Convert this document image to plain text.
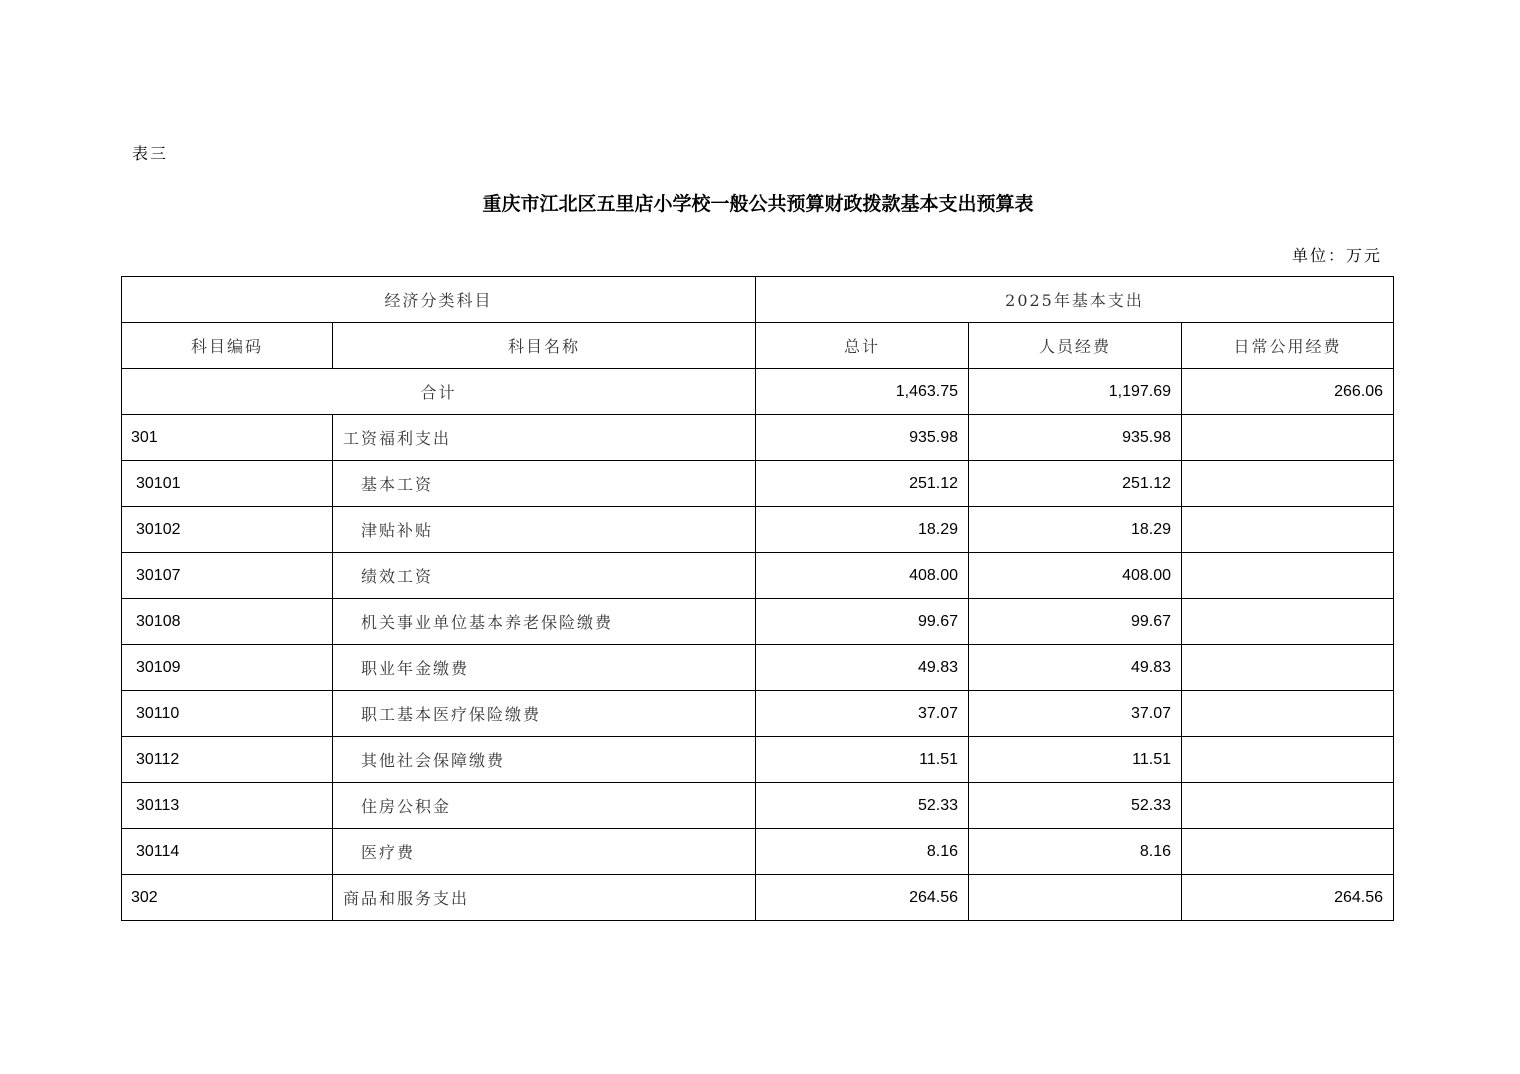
表三
重庆市江北区五里店小学校一般公共预算财政拨款基本支出预算表
单位：万元
经济分类科目		2025年基本支出		
科目编码	科目名称	总计	人员经费	日常公用经费
合计		1,463.75	1,197.69	266.06
301	工资福利支出	935.98	935.98	
30101	基本工资	251.12	251.12	
30102	津贴补贴	18.29	18.29	
30107	绩效工资	408.00	408.00	
30108	机关事业单位基本养老保险缴费	99.67	99.67	
30109	职业年金缴费	49.83	49.83	
30110	职工基本医疗保险缴费	37.07	37.07	
30112	其他社会保障缴费	11.51	11.51	
30113	住房公积金	52.33	52.33	
30114	医疗费	8.16	8.16	
302	商品和服务支出	264.56		264.56
